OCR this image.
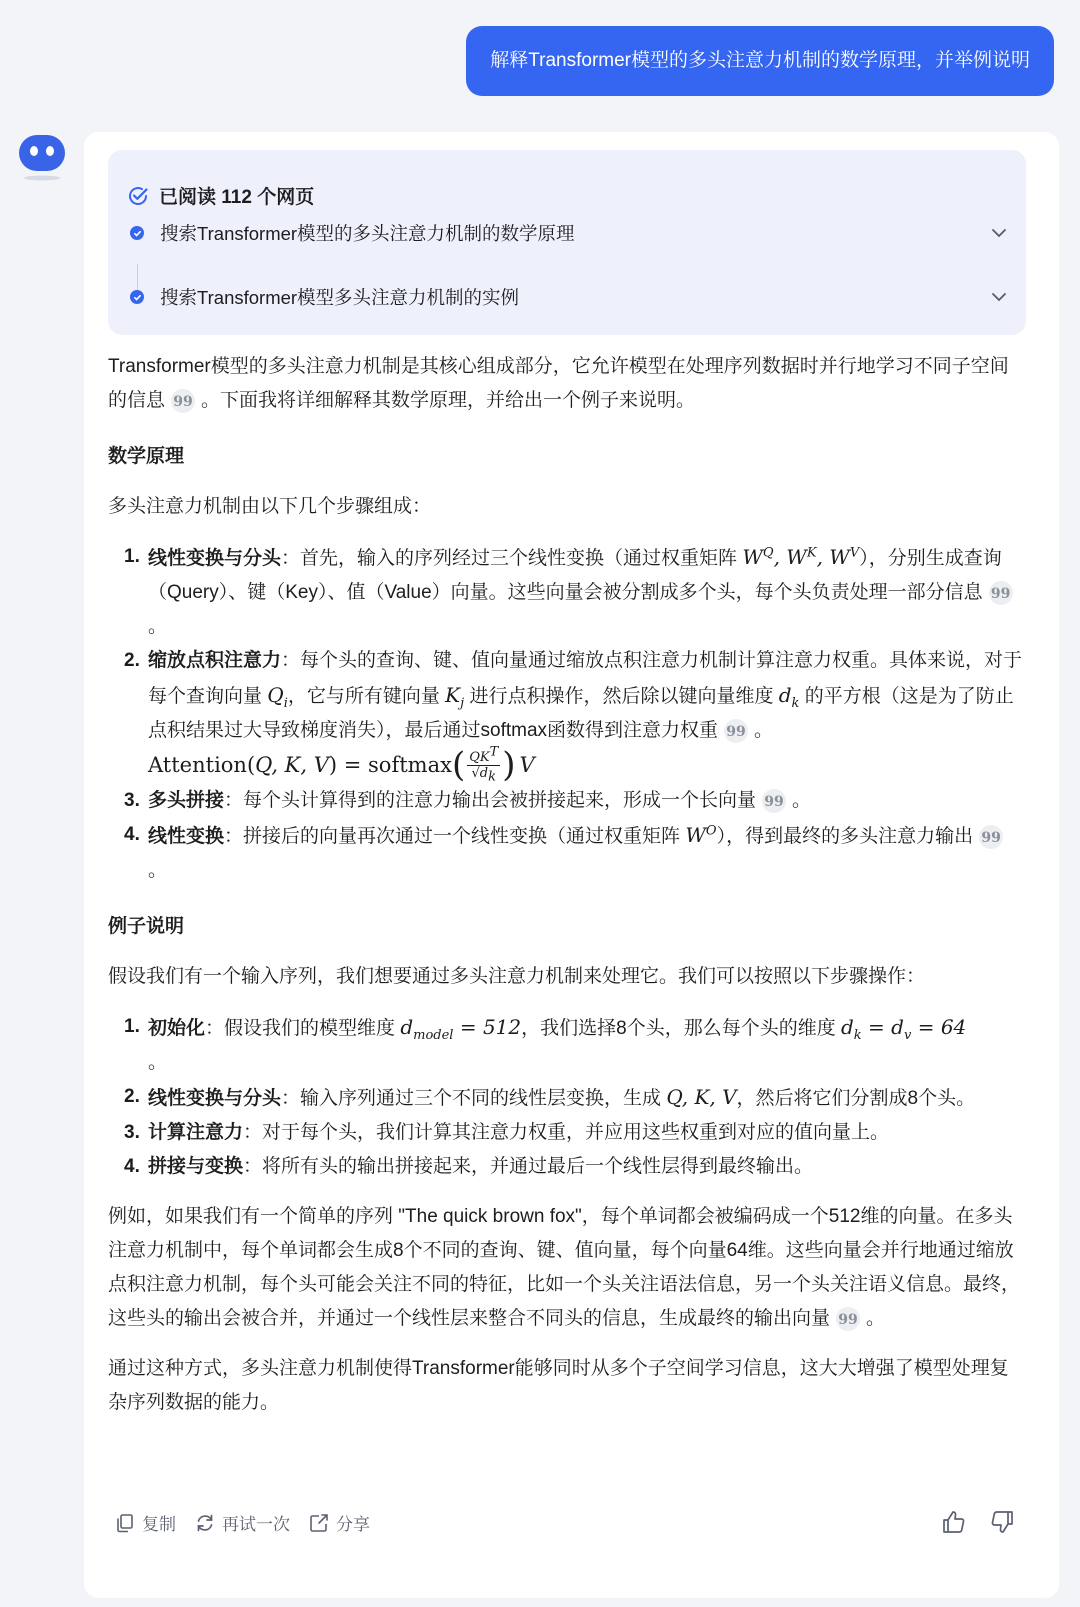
解释Transformer模型的多头注意力机制的数学原理，并举例说明
已阅读 112 个网页
搜索Transformer模型的多头注意力机制的数学原理
搜索Transformer模型多头注意力机制的实例

Transformer模型的多头注意力机制是其核心组成部分，它允许模型在处理序列数据时并行地学习不同子空间的信息 99 。下面我将详细解释其数学原理，并给出一个例子来说明。

数学原理

多头注意力机制由以下几个步骤组成：

1. 线性变换与分头：首先，输入的序列经过三个线性变换（通过权重矩阵 $W^Q$, $W^K$, $W^V$），分别生成查询（Query）、键（Key）、值（Value）向量。这些向量会被分割成多个头，每个头负责处理一部分信息 99。
2. 缩放点积注意力：每个头的查询、键、值向量通过缩放点积注意力机制计算注意力权重。具体来说，对于每个查询向量 $Q_i$，它与所有键向量 $K_j$ 进行点积操作，然后除以键向量维度 $d_k$ 的平方根（这是为了防止点积结果过大导致梯度消失），最后通过softmax函数得到注意力权重 99 。

Attention( Q, K, V ) = softmax ( $\frac{QK^T}{√d_k}$ ) V
3. 多头拼接：每个头计算得到的注意力输出会被拼接起来，形成一个长向量 99 。
4. 线性变换：拼接后的向量再次通过一个线性变换（通过权重矩阵 $W^O$），得到最终的多头注意力输出 99。

例子说明

假设我们有一个输入序列，我们想要通过多头注意力机制来处理它。我们可以按照以下步骤操作：

1. 初始化：假设我们的模型维度 $d_{model} = 512$，我们选择8个头，那么每个头的维度 $d_k = d_v = 64$
。
2. 线性变换与分头：输入序列通过三个不同的线性层变换，生成 Q, K, V，然后将它们分割成8个头。
3. 计算注意力：对于每个头，我们计算其注意力权重，并应用这些权重到对应的值向量上。
4. 拼接与变换：将所有头的输出拼接起来，并通过最后一个线性层得到最终输出。

例如，如果我们有一个简单的序列 "The quick brown fox"，每个单词都会被编码成一个512维的向量。在多头注意力机制中，每个单词都会生成8个不同的查询、键、值向量，每个向量64维。这些向量会并行地通过缩放点积注意力机制，每个头可能会关注不同的特征，比如一个头关注语法信息，另一个头关注语义信息。最终，这些头的输出会被合并，并通过一个线性层来整合不同头的信息，生成最终的输出向量 99 。

通过这种方式，多头注意力机制使得Transformer能够同时从多个子空间学习信息，这大大增强了模型处理复杂序列数据的能力。

复制	再试一次	分享
